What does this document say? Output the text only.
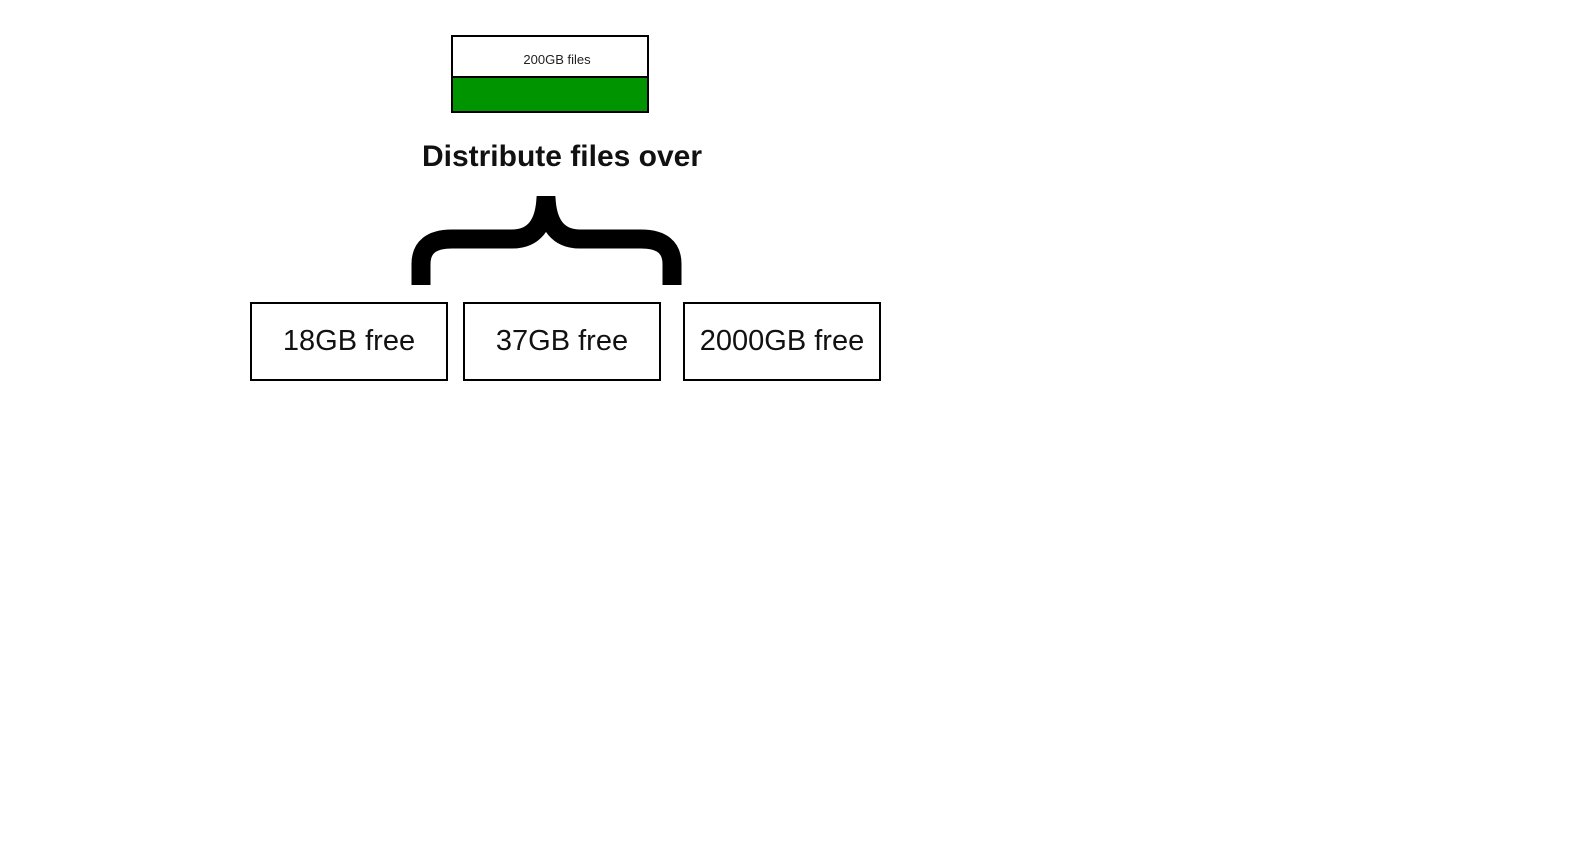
200GB files
Distribute files over
18GB free	37GB free	2000GB free
